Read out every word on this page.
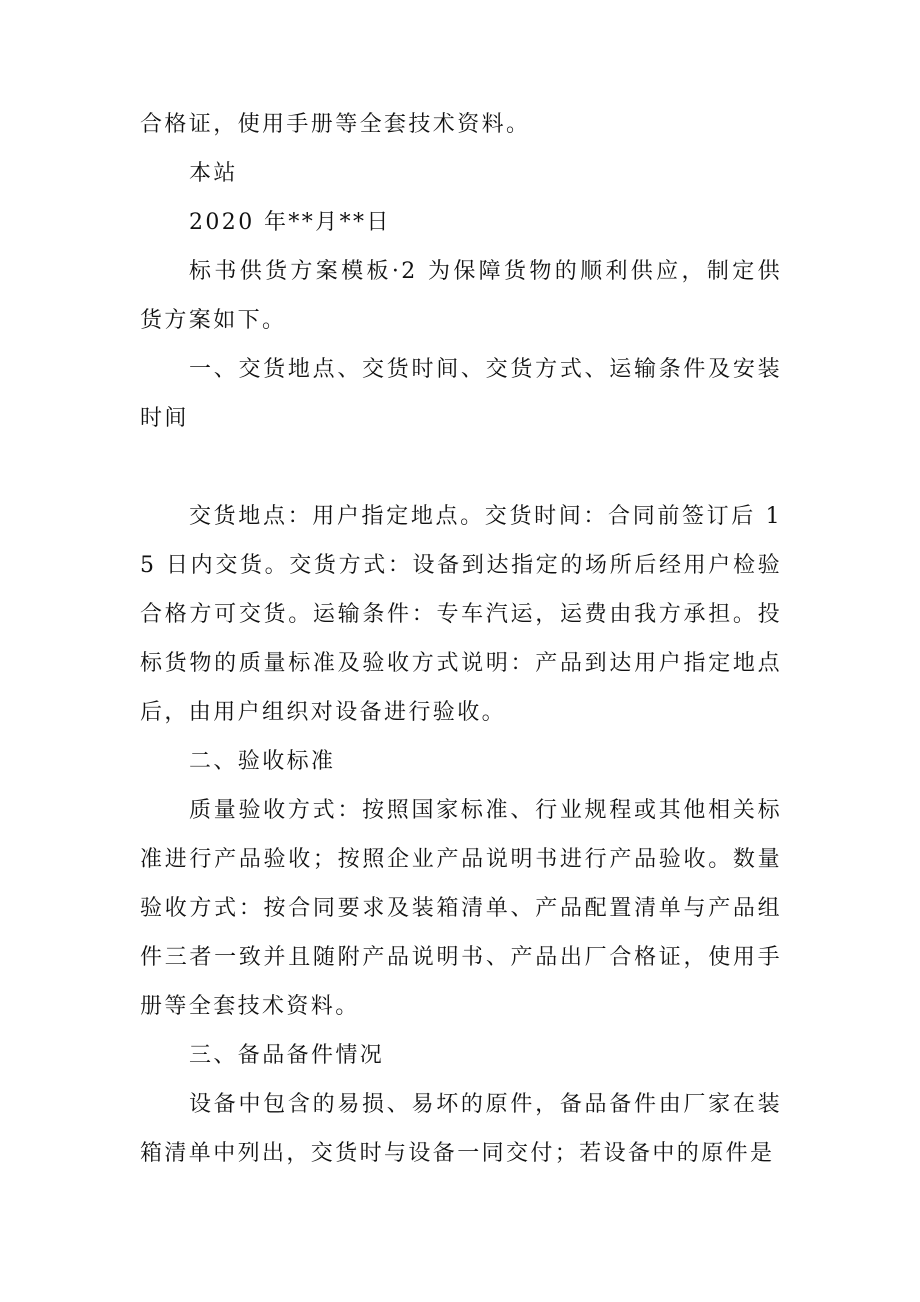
合格证，使用手册等全套技术资料。

本站

2020 年**月**日

标书供货方案模板·2 为保障货物的顺利供应，制定供货方案如下。

一、交货地点、交货时间、交货方式、运输条件及安装时间

交货地点：用户指定地点。交货时间：合同前签订后 15 日内交货。交货方式：设备到达指定的场所后经用户检验合格方可交货。运输条件：专车汽运，运费由我方承担。投标货物的质量标准及验收方式说明：产品到达用户指定地点后，由用户组织对设备进行验收。

二、验收标准

质量验收方式：按照国家标准、行业规程或其他相关标准进行产品验收；按照企业产品说明书进行产品验收。数量验收方式：按合同要求及装箱清单、产品配置清单与产品组件三者一致并且随附产品说明书、产品出厂合格证，使用手册等全套技术资料。

三、备品备件情况

设备中包含的易损、易坏的原件，备品备件由厂家在装箱清单中列出，交货时与设备一同交付；若设备中的原件是
